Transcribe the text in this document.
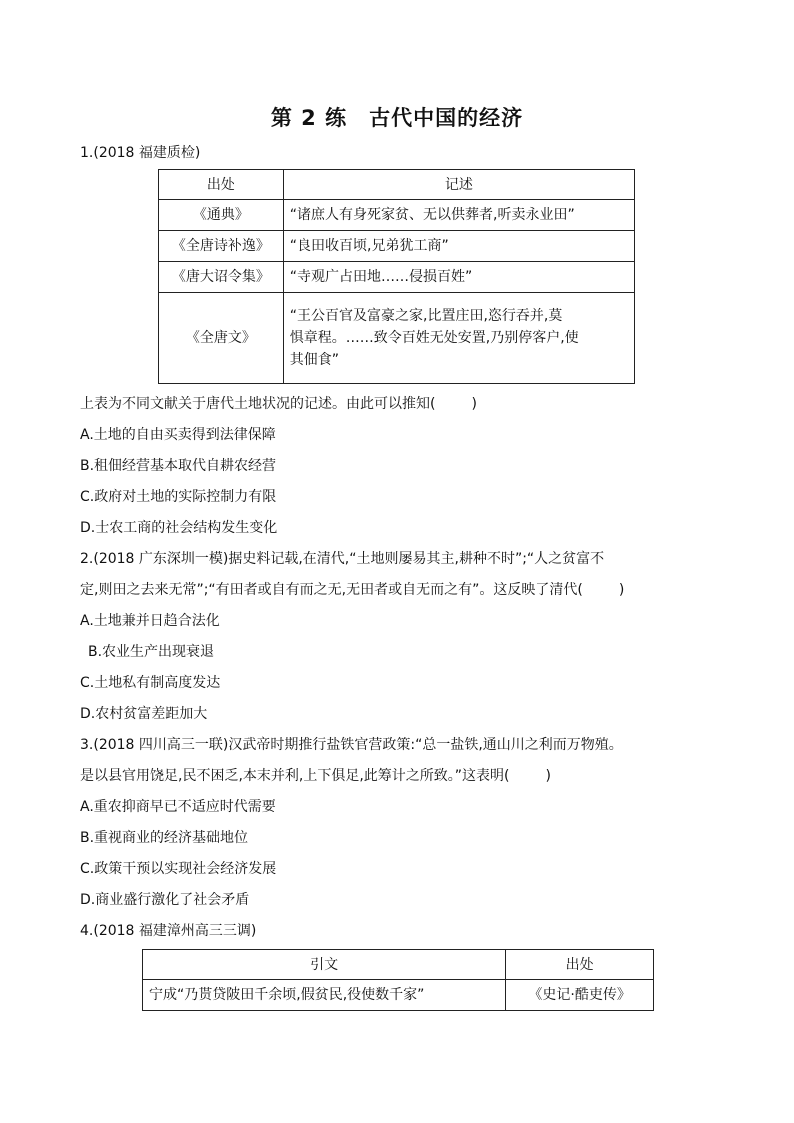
第 2 练　古代中国的经济

1.(2018 福建质检)

出处	记述
《通典》	“诸庶人有身死家贫、无以供葬者,听卖永业田”
《全唐诗补逸》	“良田收百顷,兄弟犹工商”
《唐大诏令集》	“寺观广占田地……侵损百姓”
《全唐文》	“王公百官及富豪之家,比置庄田,恣行吞并,莫
惧章程。……致令百姓无处安置,乃别停客户,使
其佃食”

上表为不同文献关于唐代土地状况的记述。由此可以推知(	)

A.土地的自由买卖得到法律保障

B.租佃经营基本取代自耕农经营

C.政府对土地的实际控制力有限

D.士农工商的社会结构发生变化

2.(2018 广东深圳一模)据史料记载,在清代,“土地则屡易其主,耕种不时”;“人之贫富不

定,则田之去来无常”;“有田者或自有而之无,无田者或自无而之有”。这反映了清代(	)

A.土地兼并日趋合法化

B.农业生产出现衰退

C.土地私有制高度发达

D.农村贫富差距加大

3.(2018 四川高三一联)汉武帝时期推行盐铁官营政策:“总一盐铁,通山川之利而万物殖。

是以县官用饶足,民不困乏,本末并利,上下俱足,此筹计之所致。”这表明(	)

A.重农抑商早已不适应时代需要

B.重视商业的经济基础地位

C.政策干预以实现社会经济发展

D.商业盛行激化了社会矛盾

4.(2018 福建漳州高三三调)

引文	出处
宁成“乃贳贷陂田千余顷,假贫民,役使数千家”	《史记·酷吏传》
